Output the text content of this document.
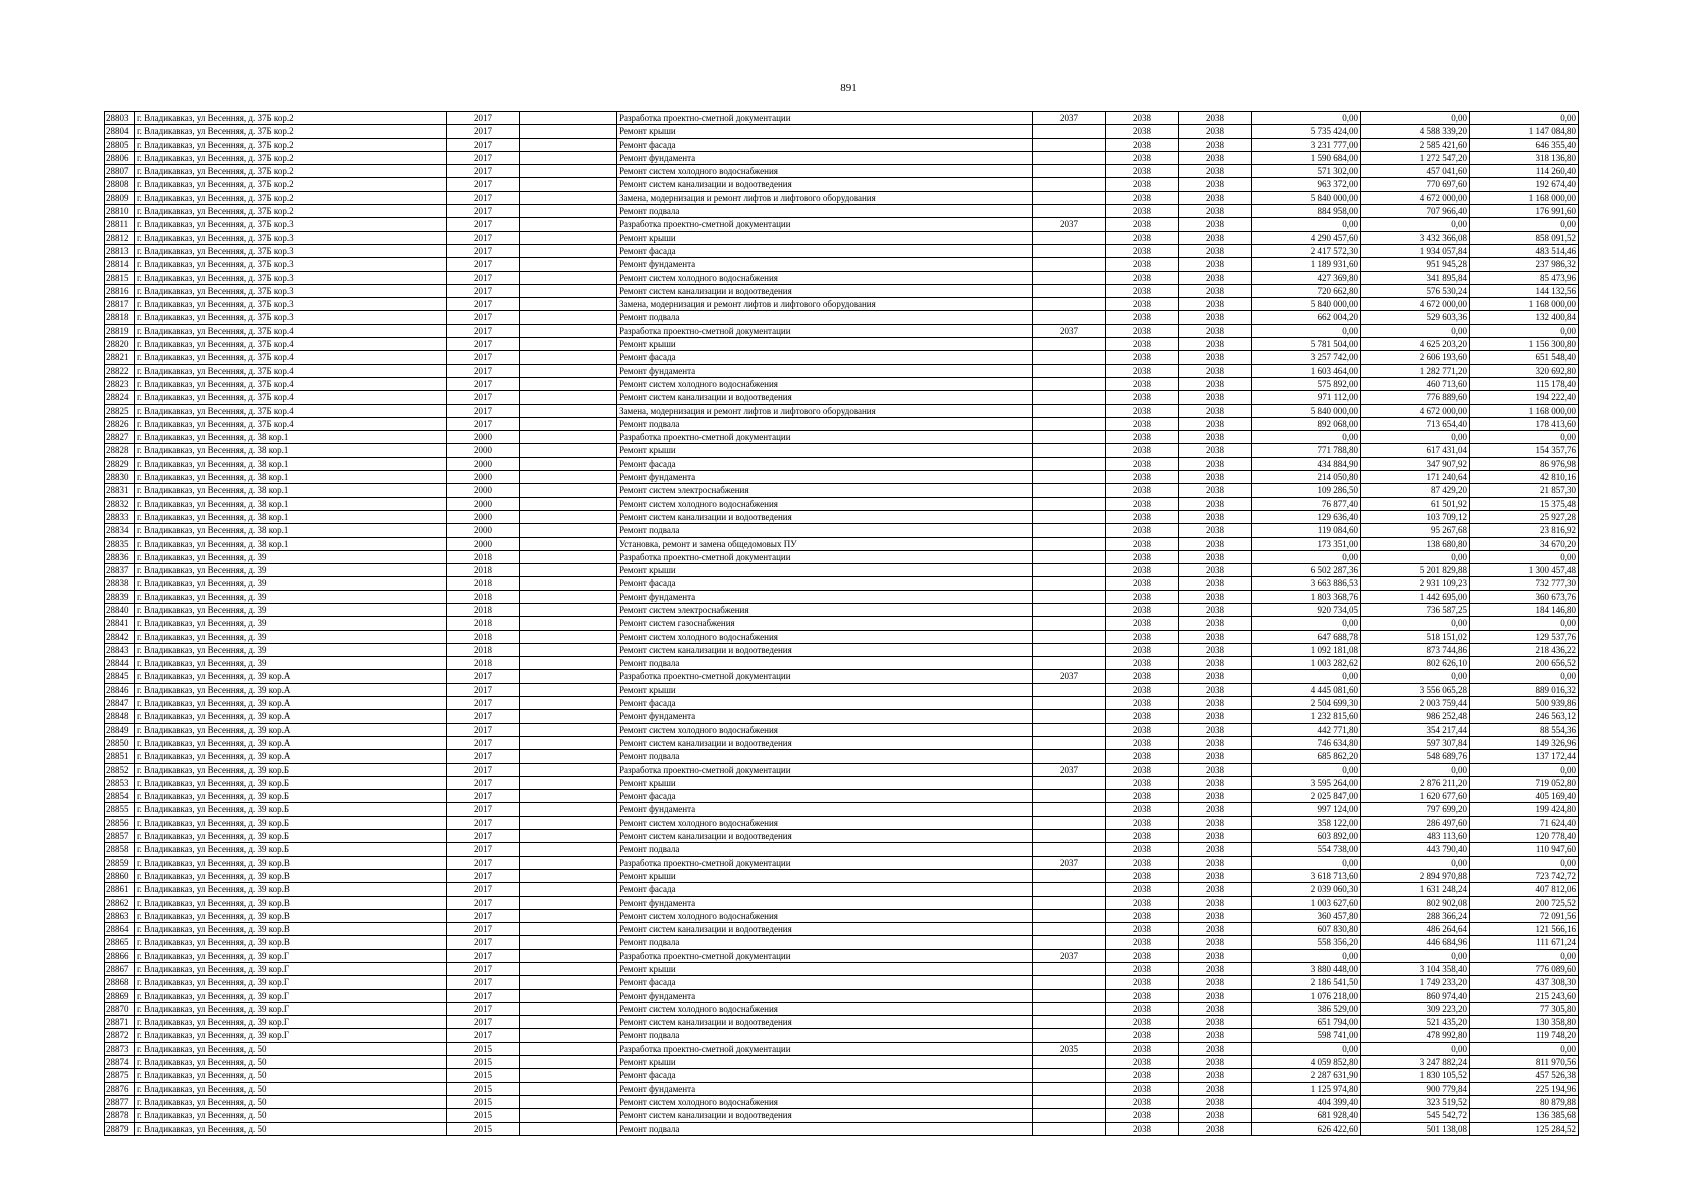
891
28803	г. Владикавказ, ул Весенняя, д. 37Б кор.2	2017		Разработка проектно-сметной документации	2037	2038	2038	0,00	0,00	0,00
28804	г. Владикавказ, ул Весенняя, д. 37Б кор.2	2017		Ремонт крыши		2038	2038	5 735 424,00	4 588 339,20	1 147 084,80
28805	г. Владикавказ, ул Весенняя, д. 37Б кор.2	2017		Ремонт фасада		2038	2038	3 231 777,00	2 585 421,60	646 355,40
28806	г. Владикавказ, ул Весенняя, д. 37Б кор.2	2017		Ремонт фундамента		2038	2038	1 590 684,00	1 272 547,20	318 136,80
28807	г. Владикавказ, ул Весенняя, д. 37Б кор.2	2017		Ремонт систем холодного водоснабжения		2038	2038	571 302,00	457 041,60	114 260,40
28808	г. Владикавказ, ул Весенняя, д. 37Б кор.2	2017		Ремонт систем канализации и водоотведения		2038	2038	963 372,00	770 697,60	192 674,40
28809	г. Владикавказ, ул Весенняя, д. 37Б кор.2	2017		Замена, модернизация и ремонт лифтов и лифтового оборудования		2038	2038	5 840 000,00	4 672 000,00	1 168 000,00
28810	г. Владикавказ, ул Весенняя, д. 37Б кор.2	2017		Ремонт подвала		2038	2038	884 958,00	707 966,40	176 991,60
28811	г. Владикавказ, ул Весенняя, д. 37Б кор.3	2017		Разработка проектно-сметной документации	2037	2038	2038	0,00	0,00	0,00
28812	г. Владикавказ, ул Весенняя, д. 37Б кор.3	2017		Ремонт крыши		2038	2038	4 290 457,60	3 432 366,08	858 091,52
28813	г. Владикавказ, ул Весенняя, д. 37Б кор.3	2017		Ремонт фасада		2038	2038	2 417 572,30	1 934 057,84	483 514,46
28814	г. Владикавказ, ул Весенняя, д. 37Б кор.3	2017		Ремонт фундамента		2038	2038	1 189 931,60	951 945,28	237 986,32
28815	г. Владикавказ, ул Весенняя, д. 37Б кор.3	2017		Ремонт систем холодного водоснабжения		2038	2038	427 369,80	341 895,84	85 473,96
28816	г. Владикавказ, ул Весенняя, д. 37Б кор.3	2017		Ремонт систем канализации и водоотведения		2038	2038	720 662,80	576 530,24	144 132,56
28817	г. Владикавказ, ул Весенняя, д. 37Б кор.3	2017		Замена, модернизация и ремонт лифтов и лифтового оборудования		2038	2038	5 840 000,00	4 672 000,00	1 168 000,00
28818	г. Владикавказ, ул Весенняя, д. 37Б кор.3	2017		Ремонт подвала		2038	2038	662 004,20	529 603,36	132 400,84
28819	г. Владикавказ, ул Весенняя, д. 37Б кор.4	2017		Разработка проектно-сметной документации	2037	2038	2038	0,00	0,00	0,00
28820	г. Владикавказ, ул Весенняя, д. 37Б кор.4	2017		Ремонт крыши		2038	2038	5 781 504,00	4 625 203,20	1 156 300,80
28821	г. Владикавказ, ул Весенняя, д. 37Б кор.4	2017		Ремонт фасада		2038	2038	3 257 742,00	2 606 193,60	651 548,40
28822	г. Владикавказ, ул Весенняя, д. 37Б кор.4	2017		Ремонт фундамента		2038	2038	1 603 464,00	1 282 771,20	320 692,80
28823	г. Владикавказ, ул Весенняя, д. 37Б кор.4	2017		Ремонт систем холодного водоснабжения		2038	2038	575 892,00	460 713,60	115 178,40
28824	г. Владикавказ, ул Весенняя, д. 37Б кор.4	2017		Ремонт систем канализации и водоотведения		2038	2038	971 112,00	776 889,60	194 222,40
28825	г. Владикавказ, ул Весенняя, д. 37Б кор.4	2017		Замена, модернизация и ремонт лифтов и лифтового оборудования		2038	2038	5 840 000,00	4 672 000,00	1 168 000,00
28826	г. Владикавказ, ул Весенняя, д. 37Б кор.4	2017		Ремонт подвала		2038	2038	892 068,00	713 654,40	178 413,60
28827	г. Владикавказ, ул Весенняя, д. 38 кор.1	2000		Разработка проектно-сметной документации		2038	2038	0,00	0,00	0,00
28828	г. Владикавказ, ул Весенняя, д. 38 кор.1	2000		Ремонт крыши		2038	2038	771 788,80	617 431,04	154 357,76
28829	г. Владикавказ, ул Весенняя, д. 38 кор.1	2000		Ремонт фасада		2038	2038	434 884,90	347 907,92	86 976,98
28830	г. Владикавказ, ул Весенняя, д. 38 кор.1	2000		Ремонт фундамента		2038	2038	214 050,80	171 240,64	42 810,16
28831	г. Владикавказ, ул Весенняя, д. 38 кор.1	2000		Ремонт систем электроснабжения		2038	2038	109 286,50	87 429,20	21 857,30
28832	г. Владикавказ, ул Весенняя, д. 38 кор.1	2000		Ремонт систем холодного водоснабжения		2038	2038	76 877,40	61 501,92	15 375,48
28833	г. Владикавказ, ул Весенняя, д. 38 кор.1	2000		Ремонт систем канализации и водоотведения		2038	2038	129 636,40	103 709,12	25 927,28
28834	г. Владикавказ, ул Весенняя, д. 38 кор.1	2000		Ремонт подвала		2038	2038	119 084,60	95 267,68	23 816,92
28835	г. Владикавказ, ул Весенняя, д. 38 кор.1	2000		Установка, ремонт и замена общедомовых ПУ		2038	2038	173 351,00	138 680,80	34 670,20
28836	г. Владикавказ, ул Весенняя, д. 39	2018		Разработка проектно-сметной документации		2038	2038	0,00	0,00	0,00
28837	г. Владикавказ, ул Весенняя, д. 39	2018		Ремонт крыши		2038	2038	6 502 287,36	5 201 829,88	1 300 457,48
28838	г. Владикавказ, ул Весенняя, д. 39	2018		Ремонт фасада		2038	2038	3 663 886,53	2 931 109,23	732 777,30
28839	г. Владикавказ, ул Весенняя, д. 39	2018		Ремонт фундамента		2038	2038	1 803 368,76	1 442 695,00	360 673,76
28840	г. Владикавказ, ул Весенняя, д. 39	2018		Ремонт систем электроснабжения		2038	2038	920 734,05	736 587,25	184 146,80
28841	г. Владикавказ, ул Весенняя, д. 39	2018		Ремонт систем газоснабжения		2038	2038	0,00	0,00	0,00
28842	г. Владикавказ, ул Весенняя, д. 39	2018		Ремонт систем холодного водоснабжения		2038	2038	647 688,78	518 151,02	129 537,76
28843	г. Владикавказ, ул Весенняя, д. 39	2018		Ремонт систем канализации и водоотведения		2038	2038	1 092 181,08	873 744,86	218 436,22
28844	г. Владикавказ, ул Весенняя, д. 39	2018		Ремонт подвала		2038	2038	1 003 282,62	802 626,10	200 656,52
28845	г. Владикавказ, ул Весенняя, д. 39 кор.А	2017		Разработка проектно-сметной документации	2037	2038	2038	0,00	0,00	0,00
28846	г. Владикавказ, ул Весенняя, д. 39 кор.А	2017		Ремонт крыши		2038	2038	4 445 081,60	3 556 065,28	889 016,32
28847	г. Владикавказ, ул Весенняя, д. 39 кор.А	2017		Ремонт фасада		2038	2038	2 504 699,30	2 003 759,44	500 939,86
28848	г. Владикавказ, ул Весенняя, д. 39 кор.А	2017		Ремонт фундамента		2038	2038	1 232 815,60	986 252,48	246 563,12
28849	г. Владикавказ, ул Весенняя, д. 39 кор.А	2017		Ремонт систем холодного водоснабжения		2038	2038	442 771,80	354 217,44	88 554,36
28850	г. Владикавказ, ул Весенняя, д. 39 кор.А	2017		Ремонт систем канализации и водоотведения		2038	2038	746 634,80	597 307,84	149 326,96
28851	г. Владикавказ, ул Весенняя, д. 39 кор.А	2017		Ремонт подвала		2038	2038	685 862,20	548 689,76	137 172,44
28852	г. Владикавказ, ул Весенняя, д. 39 кор.Б	2017		Разработка проектно-сметной документации	2037	2038	2038	0,00	0,00	0,00
28853	г. Владикавказ, ул Весенняя, д. 39 кор.Б	2017		Ремонт крыши		2038	2038	3 595 264,00	2 876 211,20	719 052,80
28854	г. Владикавказ, ул Весенняя, д. 39 кор.Б	2017		Ремонт фасада		2038	2038	2 025 847,00	1 620 677,60	405 169,40
28855	г. Владикавказ, ул Весенняя, д. 39 кор.Б	2017		Ремонт фундамента		2038	2038	997 124,00	797 699,20	199 424,80
28856	г. Владикавказ, ул Весенняя, д. 39 кор.Б	2017		Ремонт систем холодного водоснабжения		2038	2038	358 122,00	286 497,60	71 624,40
28857	г. Владикавказ, ул Весенняя, д. 39 кор.Б	2017		Ремонт систем канализации и водоотведения		2038	2038	603 892,00	483 113,60	120 778,40
28858	г. Владикавказ, ул Весенняя, д. 39 кор.Б	2017		Ремонт подвала		2038	2038	554 738,00	443 790,40	110 947,60
28859	г. Владикавказ, ул Весенняя, д. 39 кор.В	2017		Разработка проектно-сметной документации	2037	2038	2038	0,00	0,00	0,00
28860	г. Владикавказ, ул Весенняя, д. 39 кор.В	2017		Ремонт крыши		2038	2038	3 618 713,60	2 894 970,88	723 742,72
28861	г. Владикавказ, ул Весенняя, д. 39 кор.В	2017		Ремонт фасада		2038	2038	2 039 060,30	1 631 248,24	407 812,06
28862	г. Владикавказ, ул Весенняя, д. 39 кор.В	2017		Ремонт фундамента		2038	2038	1 003 627,60	802 902,08	200 725,52
28863	г. Владикавказ, ул Весенняя, д. 39 кор.В	2017		Ремонт систем холодного водоснабжения		2038	2038	360 457,80	288 366,24	72 091,56
28864	г. Владикавказ, ул Весенняя, д. 39 кор.В	2017		Ремонт систем канализации и водоотведения		2038	2038	607 830,80	486 264,64	121 566,16
28865	г. Владикавказ, ул Весенняя, д. 39 кор.В	2017		Ремонт подвала		2038	2038	558 356,20	446 684,96	111 671,24
28866	г. Владикавказ, ул Весенняя, д. 39 кор.Г	2017		Разработка проектно-сметной документации	2037	2038	2038	0,00	0,00	0,00
28867	г. Владикавказ, ул Весенняя, д. 39 кор.Г	2017		Ремонт крыши		2038	2038	3 880 448,00	3 104 358,40	776 089,60
28868	г. Владикавказ, ул Весенняя, д. 39 кор.Г	2017		Ремонт фасада		2038	2038	2 186 541,50	1 749 233,20	437 308,30
28869	г. Владикавказ, ул Весенняя, д. 39 кор.Г	2017		Ремонт фундамента		2038	2038	1 076 218,00	860 974,40	215 243,60
28870	г. Владикавказ, ул Весенняя, д. 39 кор.Г	2017		Ремонт систем холодного водоснабжения		2038	2038	386 529,00	309 223,20	77 305,80
28871	г. Владикавказ, ул Весенняя, д. 39 кор.Г	2017		Ремонт систем канализации и водоотведения		2038	2038	651 794,00	521 435,20	130 358,80
28872	г. Владикавказ, ул Весенняя, д. 39 кор.Г	2017		Ремонт подвала		2038	2038	598 741,00	478 992,80	119 748,20
28873	г. Владикавказ, ул Весенняя, д. 50	2015		Разработка проектно-сметной документации	2035	2038	2038	0,00	0,00	0,00
28874	г. Владикавказ, ул Весенняя, д. 50	2015		Ремонт крыши		2038	2038	4 059 852,80	3 247 882,24	811 970,56
28875	г. Владикавказ, ул Весенняя, д. 50	2015		Ремонт фасада		2038	2038	2 287 631,90	1 830 105,52	457 526,38
28876	г. Владикавказ, ул Весенняя, д. 50	2015		Ремонт фундамента		2038	2038	1 125 974,80	900 779,84	225 194,96
28877	г. Владикавказ, ул Весенняя, д. 50	2015		Ремонт систем холодного водоснабжения		2038	2038	404 399,40	323 519,52	80 879,88
28878	г. Владикавказ, ул Весенняя, д. 50	2015		Ремонт систем канализации и водоотведения		2038	2038	681 928,40	545 542,72	136 385,68
28879	г. Владикавказ, ул Весенняя, д. 50	2015		Ремонт подвала		2038	2038	626 422,60	501 138,08	125 284,52
